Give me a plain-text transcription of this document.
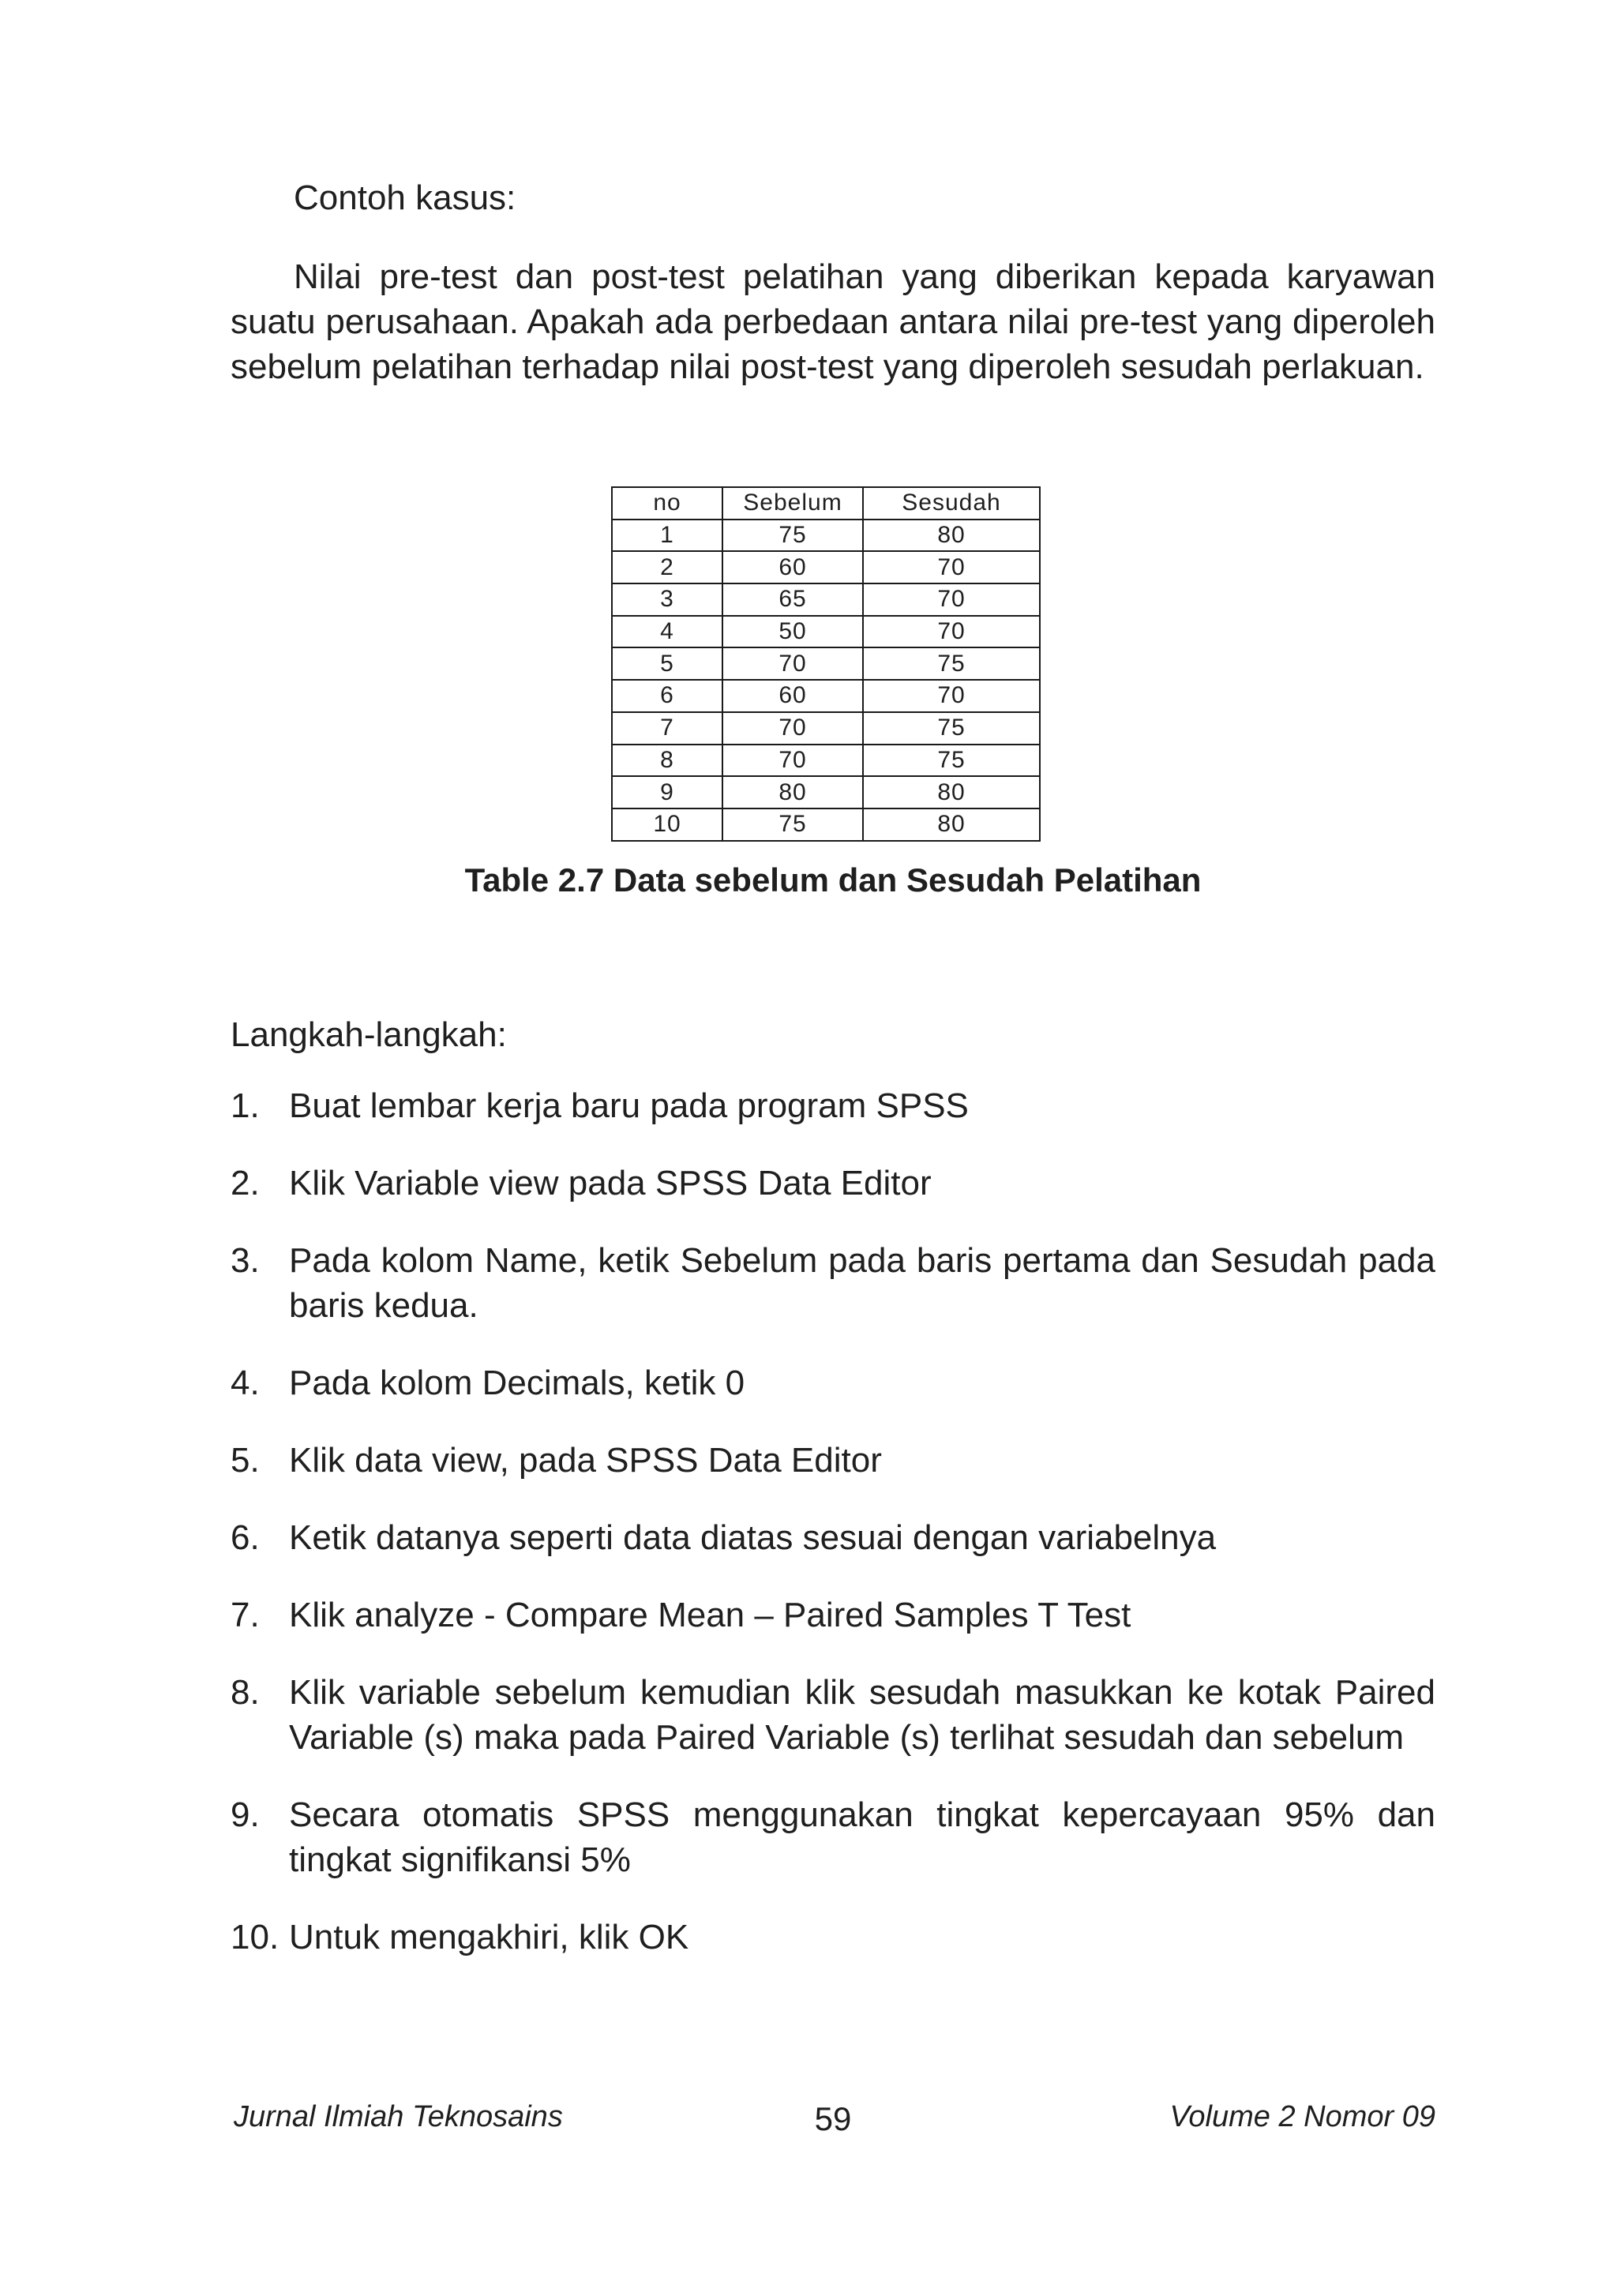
Contoh kasus:

Nilai pre-test dan post-test pelatihan yang diberikan kepada karyawan suatu perusahaan. Apakah ada perbedaan antara nilai pre-test yang diperoleh sebelum pelatihan terhadap nilai post-test yang diperoleh sesudah perlakuan.

no	Sebelum	Sesudah
1	75	80
2	60	70
3	65	70
4	50	70
5	70	75
6	60	70
7	70	75
8	70	75
9	80	80
10	75	80
Table 2.7 Data sebelum dan Sesudah Pelatihan

Langkah-langkah:

1. Buat lembar kerja baru pada program SPSS
2. Klik Variable view pada SPSS Data Editor
3. Pada kolom Name, ketik Sebelum pada baris pertama dan Sesudah pada baris kedua.
4. Pada kolom Decimals, ketik 0
5. Klik data view, pada SPSS Data Editor
6. Ketik datanya seperti data diatas sesuai dengan variabelnya
7. Klik analyze - Compare Mean – Paired Samples T Test
8. Klik variable sebelum kemudian klik sesudah masukkan ke kotak Paired Variable (s) maka pada Paired Variable (s) terlihat sesudah dan sebelum
9. Secara otomatis SPSS menggunakan tingkat kepercayaan 95% dan tingkat signifikansi 5%
10. Untuk mengakhiri, klik OK
Jurnal Ilmiah Teknosains	59	Volume 2 Nomor 09
